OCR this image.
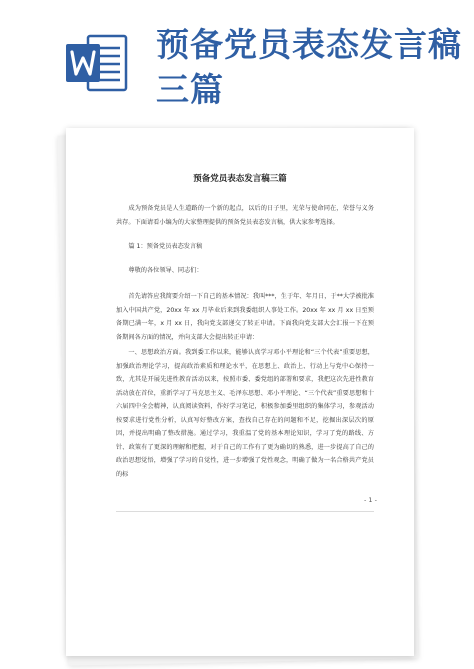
预备党员表态发言稿三篇

预备党员表态发言稿三篇

成为预备党员是人生道路的一个新的起点，以后的日子里，光荣与使命同在，荣誉与义务共存。下面请看小编为的大家整理提供的预备党员表态发言稿，供大家参考选择。

篇 1：预备党员表态发言稿

尊敬的各位领导、同志们：

首先请答应我简要介绍一下自己的基本情况：我叫***，生于年、年月日，于**大学被批准加入中国共产党，20xx 年 xx 月毕业后来到我委组织人事处工作。20xx 年 xx 月 xx 日至预备期已满一年，x 月 xx 日，我向党支部递交了转正申请。下面我向党支部大会汇报一下在预备期间各方面的情况，并向支部大会提出转正申请：

一、思想政治方面。我到委工作以来，能够认真学习邓小平理论和“三个代表”重要思想，加强政治理论学习，提高政治素质和理论水平，在思想上、政治上、行动上与党中心保持一致，尤其是开展先进性教育活动以来，按照市委、委党组的部署和要求，我把这次先进性教育活动放在首位，重新学习了马克思主义、毛泽东思想、邓小平理论、“三个代表”重要思想和十六届四中全会精神，认真阅读资料，作好学习笔记，积极参加委里组织的集体学习，参观活动按要求进行党性分析，认真写好整改方案，查找自己存在的问题和不足，挖掘出深层次的原因，并提出明确了整改措施。通过学习，我重温了党的基本理论知识，学习了党的路线、方针、政策有了更深的理解和把握，对于自己的工作有了更为确切的熟悉，进一步提高了自己的政治思想觉悟，增强了学习的自觉性，进一步增强了党性观念，明确了做为一名合格共产党员的标

- 1 -
